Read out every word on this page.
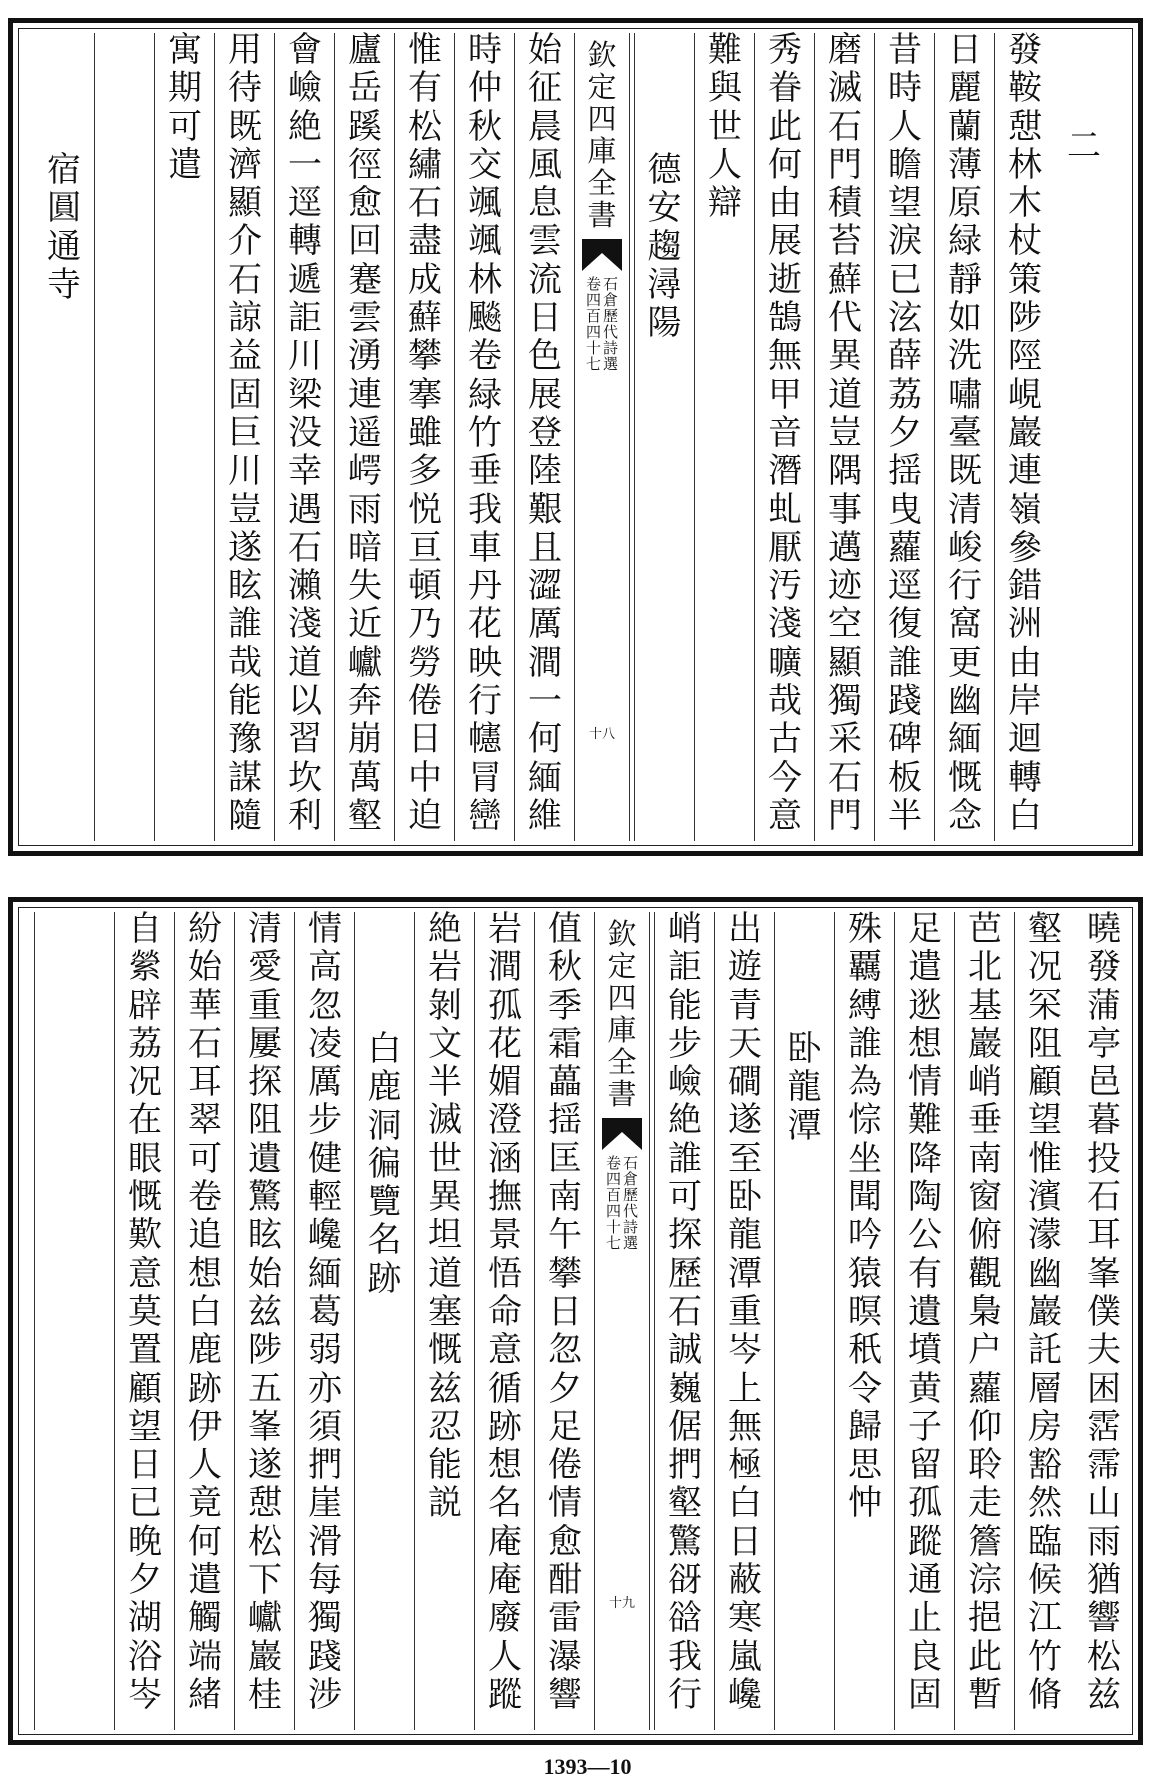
二
發
鞍
憇
林
木
杖
策
陟
陘
峴
巖
連
嶺
參
錯
洲
由
岸
迴
轉
白
日
麗
蘭
薄
原
緑
靜
如
洗
嘯
臺
既
清
峻
行
窩
更
幽
緬
慨
念
昔
時
人
瞻
望
淚
已
泫
薛
荔
夕
揺
曳
蘿
逕
復
誰
踐
碑
板
半
磨
滅
石
門
積
苔
蘚
代
異
道
豈
隅
事
邁
迹
空
顯
獨
采
石
門
秀
眷
此
何
由
展
逝
鵠
無
甲
音
潛
虬
厭
汚
淺
曠
哉
古
今
意
難
與
世
人
辯
德
安
趨
潯
陽
欽
定
四
庫
全
書
石
倉
歷
代
詩
選
卷
四
百
四
十
七
十八
始
征
晨
風
息
雲
流
日
色
展
登
陸
艱
且
澀
厲
澗
一
何
緬
維
時
仲
秋
交
颯
颯
林
飈
卷
緑
竹
垂
我
車
丹
花
映
行
幰
冐
巒
惟
有
松
繡
石
盡
成
蘚
攀
搴
雖
多
悦
亘
頓
乃
勞
倦
日
中
迫
廬
岳
蹊
徑
愈
回
蹇
雲
湧
連
遥
崿
雨
暗
失
近
巘
奔
崩
萬
壑
會
嶮
絶
一
逕
轉
遞
詎
川
梁
没
幸
遇
石
瀨
淺
道
以
習
坎
利
用
待
既
濟
顯
介
石
諒
益
固
巨
川
豈
遂
眩
誰
哉
能
豫
謀
隨
寓
期
可
遣
宿
圓
通
寺
曉
發
蒲
亭
邑
暮
投
石
耳
峯
僕
夫
困
霑
霈
山
雨
猶
響
松
兹
壑
况
罙
阻
顧
望
惟
濱
濛
幽
巖
託
層
房
豁
然
臨
候
江
竹
脩
芭
北
基
巖
峭
垂
南
窗
俯
觀
梟
户
蘿
仰
聆
走
簷
淙
挹
此
暫
足
遣
逖
想
情
難
降
陶
公
有
遺
墳
黄
子
留
孤
蹤
通
止
良
固
殊
覊
縛
誰
為
悰
坐
聞
吟
猿
暝
秖
令
歸
思
忡
卧
龍
潭
出
遊
青
天
磵
遂
至
卧
龍
潭
重
岑
上
無
極
白
日
蔽
寒
嵐
巉
峭
詎
能
步
嶮
絶
誰
可
探
歷
石
誠
巍
倨
捫
壑
驚
谺
谽
我
行
欽
定
四
庫
全
書
石
倉
歷
代
詩
選
卷
四
百
四
十
七
十九
值
秋
季
霜
藟
揺
匡
南
午
攀
日
忽
夕
足
倦
情
愈
酣
雷
瀑
響
岩
澗
孤
花
媚
澄
涵
撫
景
悟
命
意
循
跡
想
名
庵
庵
廢
人
蹤
絶
岩
剝
文
半
滅
世
異
坦
道
塞
慨
兹
忍
能
説
白
鹿
洞
徧
覽
名
跡
情
高
忽
凌
厲
步
健
輕
巉
緬
葛
弱
亦
須
捫
崖
滑
每
獨
踐
涉
清
愛
重
屢
探
阻
遺
驚
眩
始
兹
陟
五
峯
遂
憇
松
下
巘
巖
桂
紛
始
華
石
耳
翠
可
卷
追
想
白
鹿
跡
伊
人
竟
何
遣
觸
端
緒
自
縈
辟
荔
况
在
眼
慨
歎
意
莫
置
顧
望
日
已
晚
夕
湖
浴
岑
1393—10
